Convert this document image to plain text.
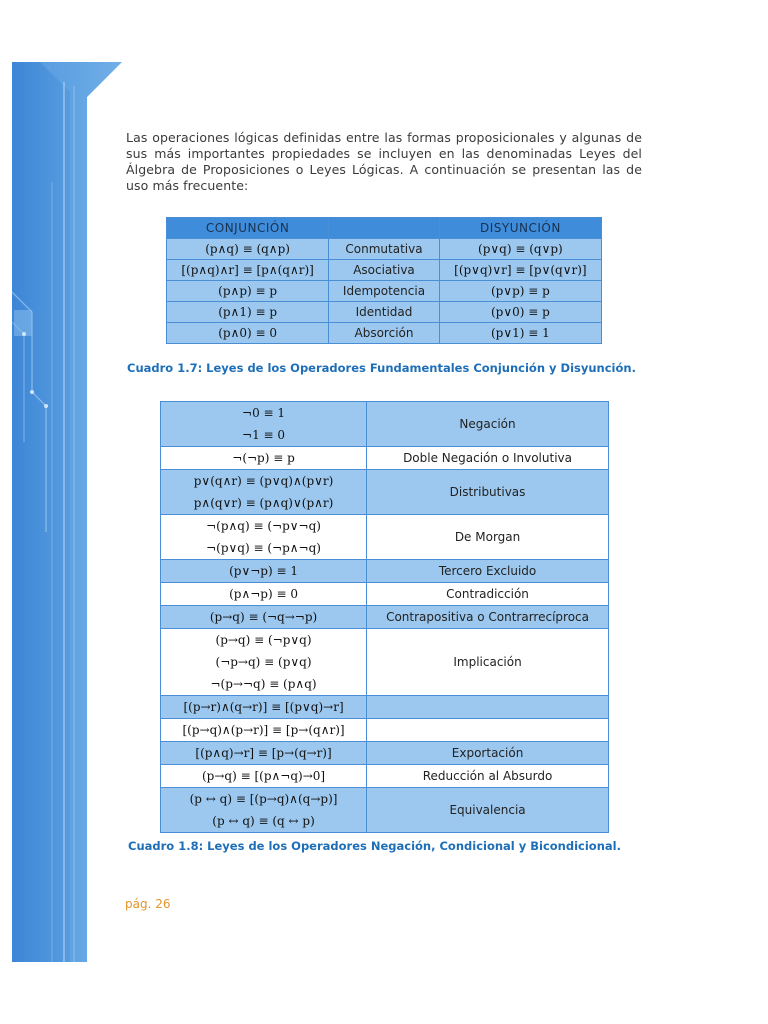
Las operaciones lógicas definidas entre las formas proposicionales y algunas de sus más importantes propiedades se incluyen en las denominadas Leyes del Álgebra de Proposiciones o Leyes Lógicas. A continuación se presentan las de uso más frecuente:
CONJUNCIÓN		DISYUNCIÓN
(p∧q) ≡ (q∧p)	Conmutativa	(p∨q) ≡ (q∨p)
[(p∧q)∧r] ≡ [p∧(q∧r)]	Asociativa	[(p∨q)∨r] ≡ [p∨(q∨r)]
(p∧p) ≡ p	Idempotencia	(p∨p) ≡ p
(p∧1) ≡ p	Identidad	(p∨0) ≡ p
(p∧0) ≡ 0	Absorción	(p∨1) ≡ 1
Cuadro 1.7: Leyes de los Operadores Fundamentales Conjunción y Disyunción.
¬0 ≡ 1
¬1 ≡ 0	Negación

¬(¬p) ≡ p	Doble Negación o Involutiva

p∨(q∧r) ≡ (p∨q)∧(p∨r)
p∧(q∨r) ≡ (p∧q)∨(p∧r)	Distributivas

¬(p∧q) ≡ (¬p∨¬q)
¬(p∨q) ≡ (¬p∧¬q)	De Morgan

(p∨¬p) ≡ 1	Tercero Excluido

(p∧¬p) ≡ 0	Contradicción

(p→q) ≡ (¬q→¬p)	Contrapositiva o Contrarrecíproca

(p→q) ≡ (¬p∨q)
(¬p→q) ≡ (p∨q)
¬(p→¬q) ≡ (p∧q)	Implicación

[(p→r)∧(q→r)] ≡ [(p∨q)→r]	

[(p→q)∧(p→r)] ≡ [p→(q∧r)]	

[(p∧q)→r] ≡ [p→(q→r)]	Exportación

(p→q) ≡ [(p∧¬q)→0]	Reducción al Absurdo

(p ↔ q) ≡ [(p→q)∧(q→p)]
(p ↔ q) ≡ (q ↔ p)	Equivalencia
Cuadro 1.8: Leyes de los Operadores Negación, Condicional y Bicondicional.
pág. 26
